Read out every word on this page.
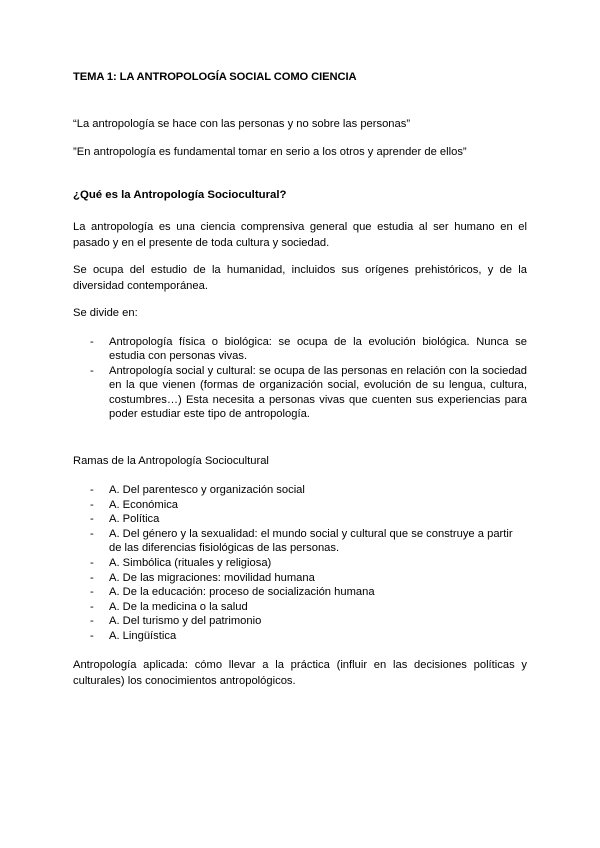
TEMA 1: LA ANTROPOLOGÍA SOCIAL COMO CIENCIA
“La antropología se hace con las personas y no sobre las personas”
”En antropología es fundamental tomar en serio a los otros y aprender de ellos”
¿Qué es la Antropología Sociocultural?
La antropología es una ciencia comprensiva general que estudia al ser humano en el pasado y en el presente de toda cultura y sociedad.
Se ocupa del estudio de la humanidad, incluidos sus orígenes prehistóricos, y de la diversidad contemporánea.
Se divide en:
- Antropología física o biológica: se ocupa de la evolución biológica. Nunca se estudia con personas vivas.
- Antropología social y cultural: se ocupa de las personas en relación con la sociedad en la que vienen (formas de organización social, evolución de su lengua, cultura, costumbres…) Esta necesita a personas vivas que cuenten sus experiencias para poder estudiar este tipo de antropología.
Ramas de la Antropología Sociocultural
- A. Del parentesco y organización social
- A. Económica
- A. Política
- A. Del género y la sexualidad: el mundo social y cultural que se construye a partir de las diferencias fisiológicas de las personas.
- A. Simbólica (rituales y religiosa)
- A. De las migraciones: movilidad humana
- A. De la educación: proceso de socialización humana
- A. De la medicina o la salud
- A. Del turismo y del patrimonio
- A. Lingüística
Antropología aplicada: cómo llevar a la práctica (influir en las decisiones políticas y culturales) los conocimientos antropológicos.
